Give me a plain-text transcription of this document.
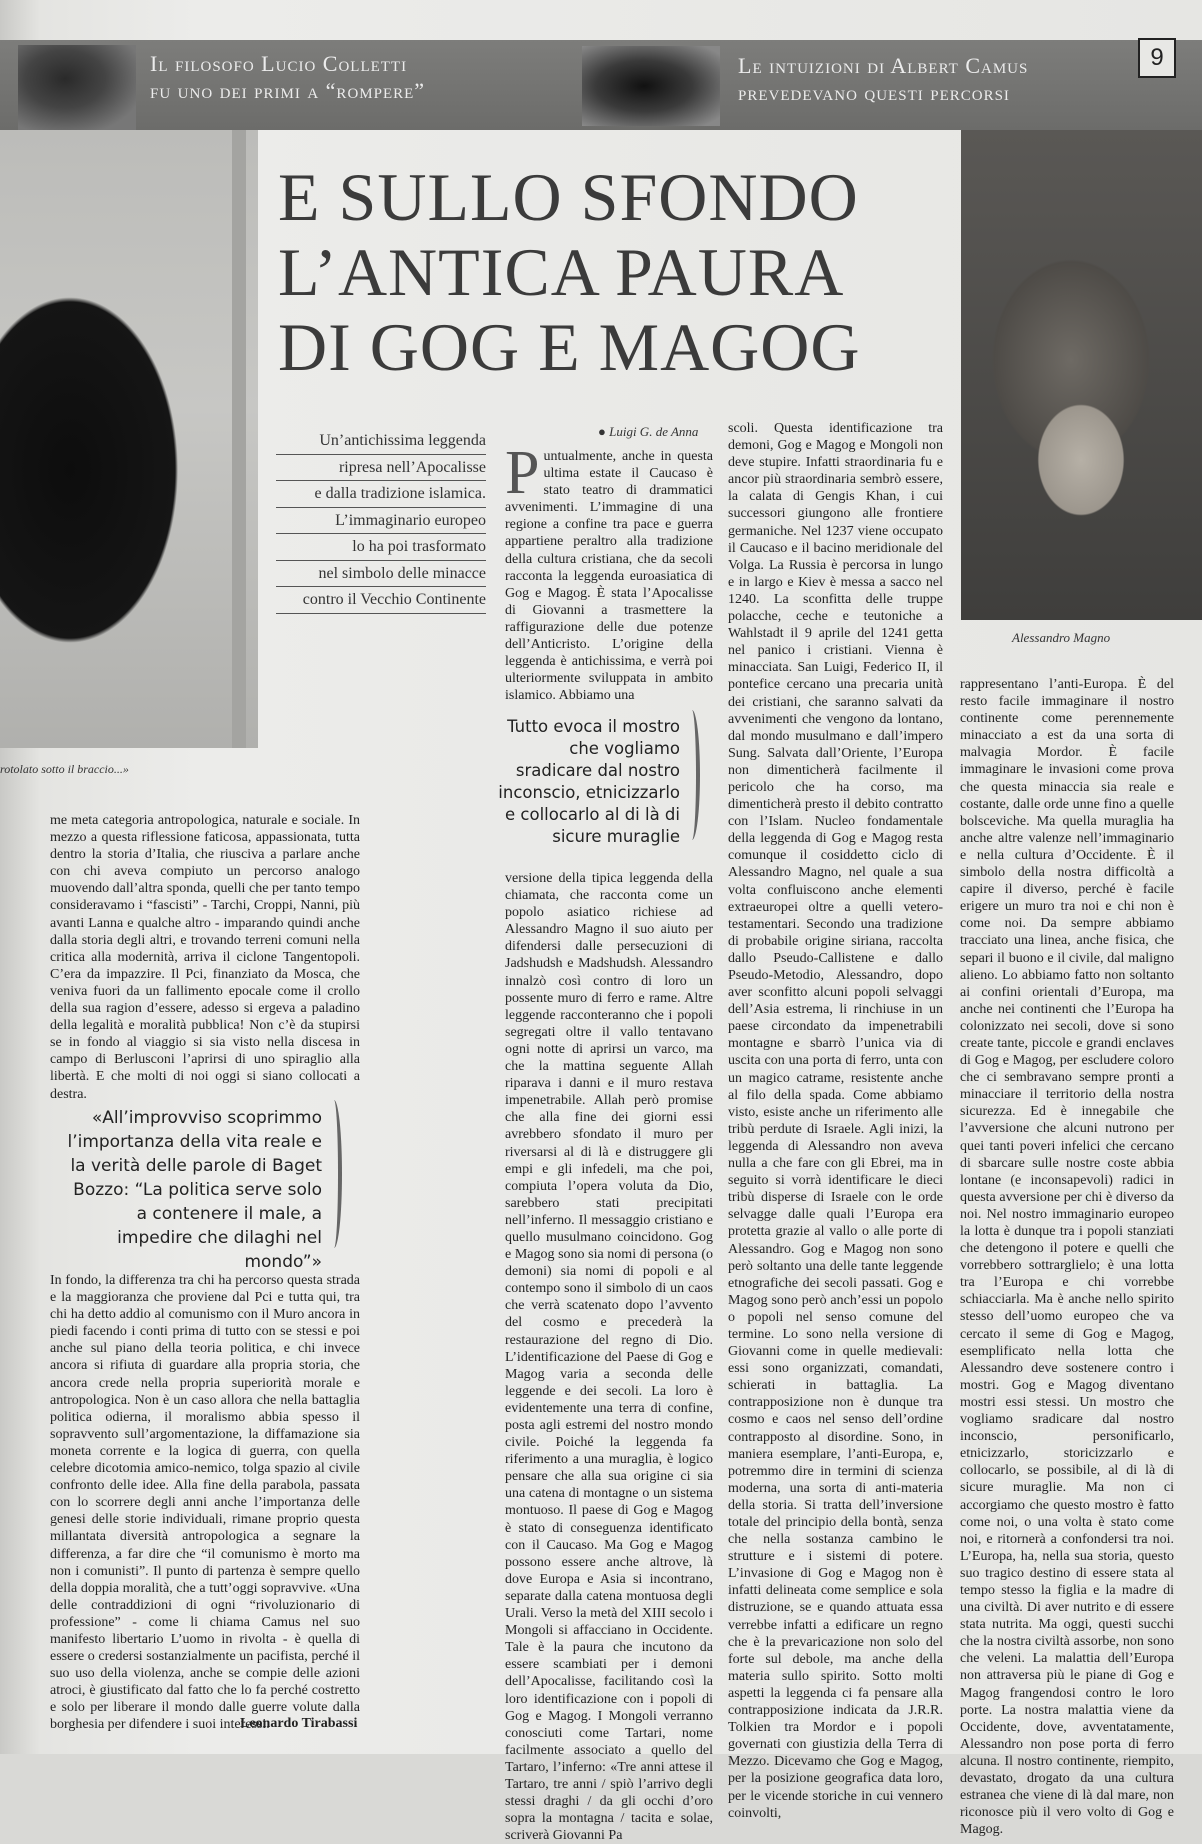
Il filosofo Lucio Colletti
fu uno dei primi a “rompere”
Le intuizioni di Albert Camus
prevedevano questi percorsi
9
rotolato sotto il braccio...»
E SULLO SFONDO
L’ANTICA PAURA
DI GOG E MAGOG
Un’antichissima leggenda
ripresa nell’Apocalisse
e dalla tradizione islamica.
L’immaginario europeo
lo ha poi trasformato
nel simbolo delle minacce
contro il Vecchio Continente
Alessandro Magno
● Luigi G. de Anna

me meta categoria antropologica, naturale e sociale. In mezzo a questa riflessione faticosa, appassionata, tutta dentro la storia d’Italia, che riusciva a parlare anche con chi aveva compiuto un percorso analogo muovendo dall’altra sponda, quelli che per tanto tempo consideravamo i “fascisti” - Tarchi, Croppi, Nanni, più avanti Lanna e qualche altro - imparando quindi anche dalla storia degli altri, e trovando terreni comuni nella critica alla modernità, arriva il ciclone Tangentopoli. C’era da impazzire. Il Pci, finanziato da Mosca, che veniva fuori da un fallimento epocale come il crollo della sua ragion d’essere, adesso si ergeva a paladino della legalità e moralità pubblica! Non c’è da stupirsi se in fondo al viaggio si sia visto nella discesa in campo di Berlusconi l’aprirsi di uno spiraglio alla libertà. E che molti di noi oggi si siano collocati a destra.

«All’improvviso scoprimmo l’importanza della vita reale e la verità delle parole di Baget Bozzo: “La politica serve solo a contenere il male, a impedire che dilaghi nel mondo”»

In fondo, la differenza tra chi ha percorso questa strada e la maggioranza che proviene dal Pci e tutta qui, tra chi ha detto addio al comunismo con il Muro ancora in piedi facendo i conti prima di tutto con se stessi e poi anche sul piano della teoria politica, e chi invece ancora si rifiuta di guardare alla propria storia, che ancora crede nella propria superiorità morale e antropologica. Non è un caso allora che nella battaglia politica odierna, il moralismo abbia spesso il sopravvento sull’argomentazione, la diffamazione sia moneta corrente e la logica di guerra, con quella celebre dicotomia amico-nemico, tolga spazio al civile confronto delle idee. Alla fine della parabola, passata con lo scorrere degli anni anche l’importanza delle genesi delle storie individuali, rimane proprio questa millantata diversità antropologica a segnare la differenza, a far dire che “il comunismo è morto ma non i comunisti”. Il punto di partenza è sempre quello della doppia moralità, che a tutt’oggi sopravvive. «Una delle contraddizioni di ogni “rivoluzionario di professione” - come li chiama Camus nel suo manifesto libertario L’uomo in rivolta - è quella di essere o credersi sostanzialmente un pacifista, perché il suo uso della violenza, anche se compie delle azioni atroci, è giustificato dal fatto che lo fa perché costretto e solo per liberare il mondo dalle guerre volute dalla borghesia per difendere i suoi interessi.

Leonardo Tirabassi
P untualmente, anche in questa ultima estate il Caucaso è stato teatro di drammatici avvenimenti. L’immagine di una regione a confine tra pace e guerra appartiene peraltro alla tradizione della cultura cristiana, che da secoli racconta la leggenda euroasiatica di Gog e Magog. È stata l’Apocalisse di Giovanni a trasmettere la raffigurazione delle due potenze dell’Anticristo. L’origine della leggenda è antichissima, e verrà poi ulteriormente sviluppata in ambito islamico. Abbiamo una

Tutto evoca il mostro che vogliamo sradicare dal nostro inconscio, etnicizzarlo e collocarlo al di là di sicure muraglie

versione della tipica leggenda della chiamata, che racconta come un popolo asiatico richiese ad Alessandro Magno il suo aiuto per difendersi dalle persecuzioni di Jadshudsh e Madshudsh. Alessandro innalzò così contro di loro un possente muro di ferro e rame. Altre leggende racconteranno che i popoli segregati oltre il vallo tentavano ogni notte di aprirsi un varco, ma che la mattina seguente Allah riparava i danni e il muro restava impenetrabile. Allah però promise che alla fine dei giorni essi avrebbero sfondato il muro per riversarsi al di là e distruggere gli empi e gli infedeli, ma che poi, compiuta l’opera voluta da Dio, sarebbero stati precipitati nell’inferno. Il messaggio cristiano e quello musulmano coincidono. Gog e Magog sono sia nomi di persona (o demoni) sia nomi di popoli e al contempo sono il simbolo di un caos che verrà scatenato dopo l’avvento del cosmo e precederà la restaurazione del regno di Dio. L’identificazione del Paese di Gog e Magog varia a seconda delle leggende e dei secoli. La loro è evidentemente una terra di confine, posta agli estremi del nostro mondo civile. Poiché la leggenda fa riferimento a una muraglia, è logico pensare che alla sua origine ci sia una catena di montagne o un sistema montuoso. Il paese di Gog e Magog è stato di conseguenza identificato con il Caucaso. Ma Gog e Magog possono essere anche altrove, là dove Europa e Asia si incontrano, separate dalla catena montuosa degli Urali. Verso la metà del XIII secolo i Mongoli si affacciano in Occidente. Tale è la paura che incutono da essere scambiati per i demoni dell’Apocalisse, facilitando così la loro identificazione con i popoli di Gog e Magog. I Mongoli verranno conosciuti come Tartari, nome facilmente associato a quello del Tartaro, l’inferno: «Tre anni attese il Tartaro, tre anni / spiò l’arrivo degli stessi draghi / da gli occhi d’oro sopra la montagna / tacita e solae, scriverà Giovanni Pa

scoli. Questa identificazione tra demoni, Gog e Magog e Mongoli non deve stupire. Infatti straordinaria fu e ancor più straordinaria sembrò essere, la calata di Gengis Khan, i cui successori giungono alle frontiere germaniche. Nel 1237 viene occupato il Caucaso e il bacino meridionale del Volga. La Russia è percorsa in lungo e in largo e Kiev è messa a sacco nel 1240. La sconfitta delle truppe polacche, ceche e teutoniche a Wahlstadt il 9 aprile del 1241 getta nel panico i cristiani. Vienna è minacciata. San Luigi, Federico II, il pontefice cercano una precaria unità dei cristiani, che saranno salvati da avvenimenti che vengono da lontano, dal mondo musulmano e dall’impero Sung. Salvata dall’Oriente, l’Europa non dimenticherà facilmente il pericolo che ha corso, ma dimenticherà presto il debito contratto con l’Islam. Nucleo fondamentale della leggenda di Gog e Magog resta comunque il cosiddetto ciclo di Alessandro Magno, nel quale a sua volta confluiscono anche elementi extraeuropei oltre a quelli vetero-testamentari. Secondo una tradizione di probabile origine siriana, raccolta dallo Pseudo-Callistene e dallo Pseudo-Metodio, Alessandro, dopo aver sconfitto alcuni popoli selvaggi dell’Asia estrema, li rinchiuse in un paese circondato da impenetrabili montagne e sbarrò l’unica via di uscita con una porta di ferro, unta con un magico catrame, resistente anche al filo della spada. Come abbiamo visto, esiste anche un riferimento alle tribù perdute di Israele. Agli inizi, la leggenda di Alessandro non aveva nulla a che fare con gli Ebrei, ma in seguito si vorrà identificare le dieci tribù disperse di Israele con le orde selvagge dalle quali l’Europa era protetta grazie al vallo o alle porte di Alessandro. Gog e Magog non sono però soltanto una delle tante leggende etnografiche dei secoli passati. Gog e Magog sono però anch’essi un popolo o popoli nel senso comune del termine. Lo sono nella versione di Giovanni come in quelle medievali: essi sono organizzati, comandati, schierati in battaglia. La contrapposizione non è dunque tra cosmo e caos nel senso dell’ordine contrapposto al disordine. Sono, in maniera esemplare, l’anti-Europa, e, potremmo dire in termini di scienza moderna, una sorta di anti-materia della storia. Si tratta dell’inversione totale del principio della bontà, senza che nella sostanza cambino le strutture e i sistemi di potere. L’invasione di Gog e Magog non è infatti delineata come semplice e sola distruzione, se e quando attuata essa verrebbe infatti a edificare un regno che è la prevaricazione non solo del forte sul debole, ma anche della materia sullo spirito. Sotto molti aspetti la leggenda ci fa pensare alla contrapposizione indicata da J.R.R. Tolkien tra Mordor e i popoli governati con giustizia della Terra di Mezzo. Dicevamo che Gog e Magog, per la posizione geografica data loro, per le vicende storiche in cui vennero coinvolti,

rappresentano l’anti-Europa. È del resto facile immaginare il nostro continente come perennemente minacciato a est da una sorta di malvagia Mordor. È facile immaginare le invasioni come prova che questa minaccia sia reale e costante, dalle orde unne fino a quelle bolsceviche. Ma quella muraglia ha anche altre valenze nell’immaginario e nella cultura d’Occidente. È il simbolo della nostra difficoltà a capire il diverso, perché è facile erigere un muro tra noi e chi non è come noi. Da sempre abbiamo tracciato una linea, anche fisica, che separi il buono e il civile, dal maligno alieno. Lo abbiamo fatto non soltanto ai confini orientali d’Europa, ma anche nei continenti che l’Europa ha colonizzato nei secoli, dove si sono create tante, piccole e grandi enclaves di Gog e Magog, per escludere coloro che ci sembravano sempre pronti a minacciare il territorio della nostra sicurezza. Ed è innegabile che l’avversione che alcuni nutrono per quei tanti poveri infelici che cercano di sbarcare sulle nostre coste abbia lontane (e inconsapevoli) radici in questa avversione per chi è diverso da noi. Nel nostro immaginario europeo la lotta è dunque tra i popoli stanziati che detengono il potere e quelli che vorrebbero sottrarglielo; è una lotta tra l’Europa e chi vorrebbe schiacciarla. Ma è anche nello spirito stesso dell’uomo europeo che va cercato il seme di Gog e Magog, esemplificato nella lotta che Alessandro deve sostenere contro i mostri. Gog e Magog diventano mostri essi stessi. Un mostro che vogliamo sradicare dal nostro inconscio, personificarlo, etnicizzarlo, storicizzarlo e collocarlo, se possibile, al di là di sicure muraglie. Ma non ci accorgiamo che questo mostro è fatto come noi, o una volta è stato come noi, e ritornerà a confondersi tra noi. L’Europa, ha, nella sua storia, questo suo tragico destino di essere stata al tempo stesso la figlia e la madre di una civiltà. Di aver nutrito e di essere stata nutrita. Ma oggi, questi succhi che la nostra civiltà assorbe, non sono che veleni. La malattia dell’Europa non attraversa più le piane di Gog e Magog frangendosi contro le loro porte. La nostra malattia viene da Occidente, dove, avventatamente, Alessandro non pose porta di ferro alcuna. Il nostro continente, riempito, devastato, drogato da una cultura estranea che viene di là dal mare, non riconosce più il vero volto di Gog e Magog.
